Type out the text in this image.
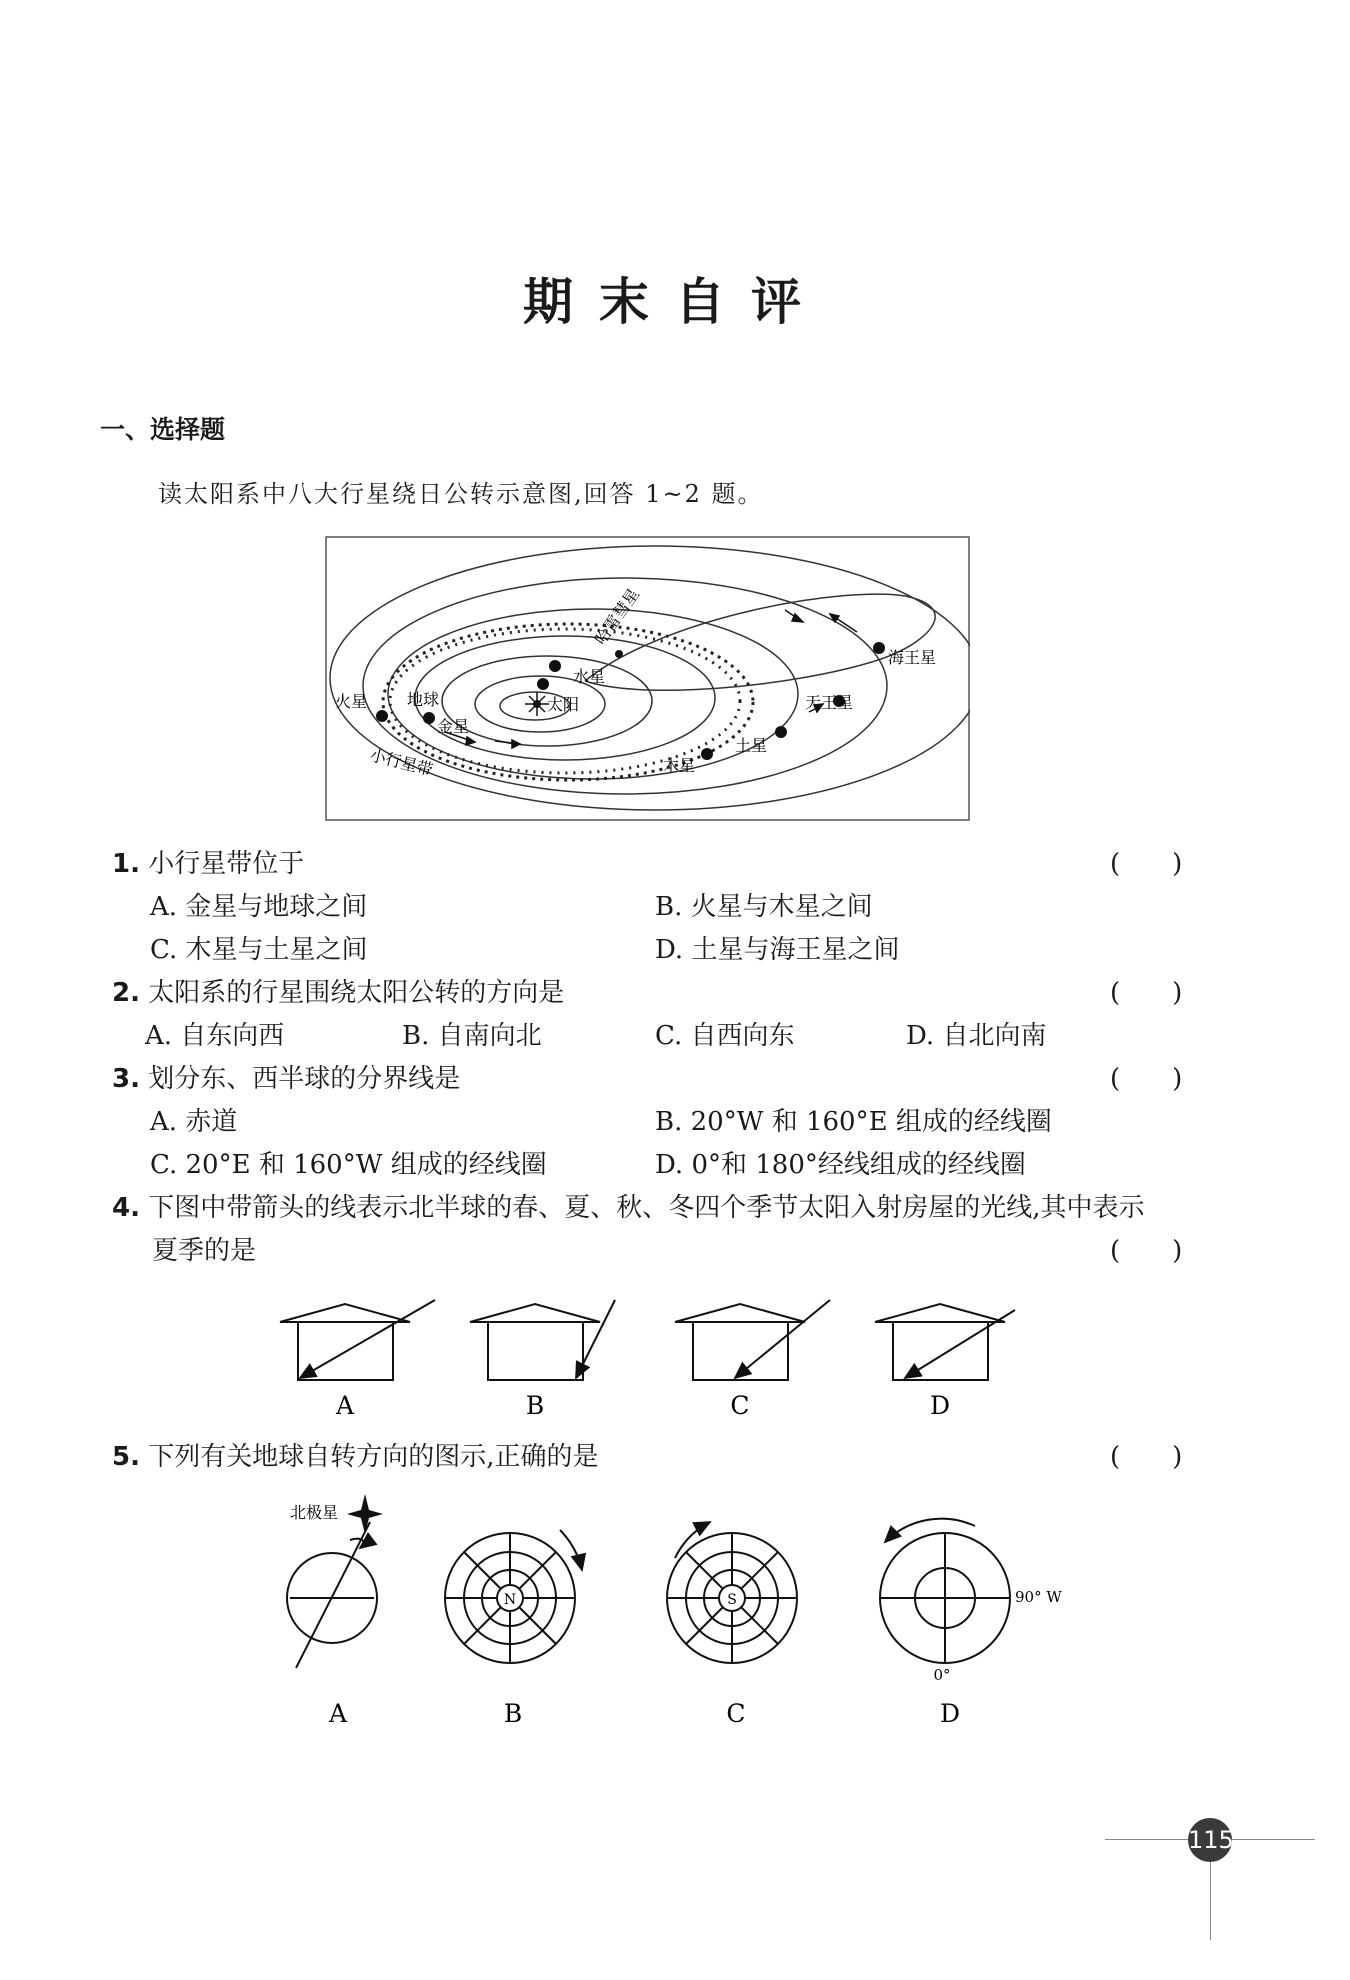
期末自评
一、选择题
读太阳系中八大行星绕日公转示意图,回答 1~2 题。
哈雷彗星
海王星
水星
火星 地球	太阳
金星
天王星
土星
木星
小行星带
1. 小行星带位于	(　　)
A. 金星与地球之间	B. 火星与木星之间
C. 木星与土星之间	D. 土星与海王星之间
2. 太阳系的行星围绕太阳公转的方向是	(　　)
A. 自东向西	B. 自南向北	C. 自西向东	D. 自北向南
3. 划分东、西半球的分界线是	(　　)
A. 赤道	B. 20°W 和 160°E 组成的经线圈
C. 20°E 和 160°W 组成的经线圈	D. 0°和 180°经线组成的经线圈
4. 下图中带箭头的线表示北半球的春、夏、秋、冬四个季节太阳入射房屋的光线,其中表示
夏季的是	(　　)
A	B	C	D
5. 下列有关地球自转方向的图示,正确的是	(　　)
北极星
N	S	90° W
0°
A	B	C	D
115
